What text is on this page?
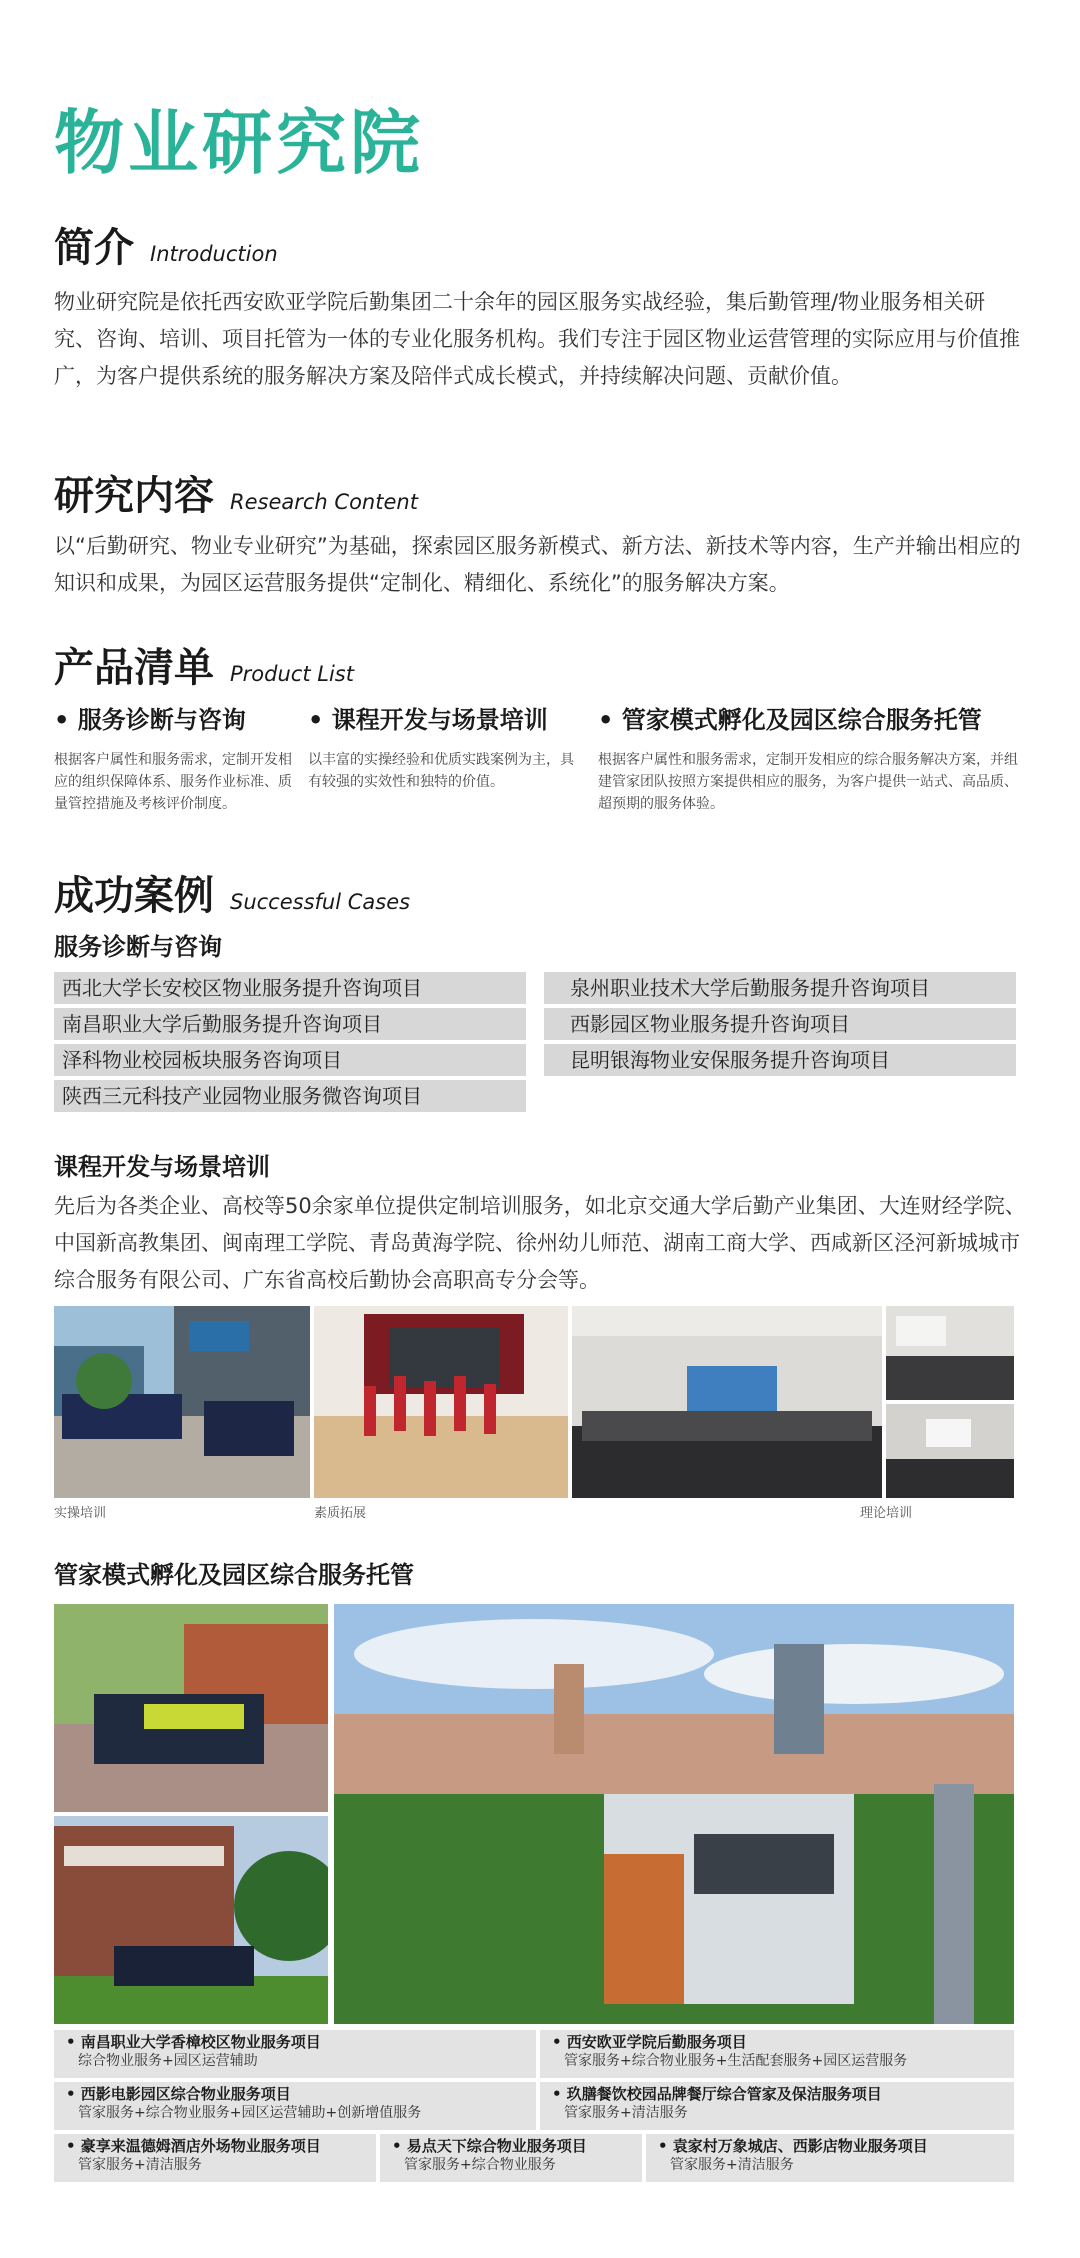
物业研究院
简介 Introduction

物业研究院是依托西安欧亚学院后勤集团二十余年的园区服务实战经验，集后勤管理/物业服务相关研究、咨询、培训、项目托管为一体的专业化服务机构。我们专注于园区物业运营管理的实际应用与价值推广，为客户提供系统的服务解决方案及陪伴式成长模式，并持续解决问题、贡献价值。

研究内容 Research Content

以“后勤研究、物业专业研究”为基础，探索园区服务新模式、新方法、新技术等内容，生产并输出相应的知识和成果，为园区运营服务提供“定制化、精细化、系统化”的服务解决方案。

产品清单 Product List
• 服务诊断与咨询
根据客户属性和服务需求，定制开发相应的组织保障体系、服务作业标准、质量管控措施及考核评价制度。
• 课程开发与场景培训
以丰富的实操经验和优质实践案例为主，具有较强的实效性和独特的价值。
• 管家模式孵化及园区综合服务托管
根据客户属性和服务需求，定制开发相应的综合服务解决方案，并组建管家团队按照方案提供相应的服务，为客户提供一站式、高品质、超预期的服务体验。
成功案例 Successful Cases
服务诊断与咨询
西北大学长安校区物业服务提升咨询项目
南昌职业大学后勤服务提升咨询项目
泽科物业校园板块服务咨询项目
陕西三元科技产业园物业服务微咨询项目
泉州职业技术大学后勤服务提升咨询项目
西影园区物业服务提升咨询项目
昆明银海物业安保服务提升咨询项目
课程开发与场景培训

先后为各类企业、高校等50余家单位提供定制培训服务，如北京交通大学后勤产业集团、大连财经学院、中国新高教集团、闽南理工学院、青岛黄海学院、徐州幼儿师范、湖南工商大学、西咸新区泾河新城城市综合服务有限公司、广东省高校后勤协会高职高专分会等。

实操培训	素质拓展	理论培训
管家模式孵化及园区综合服务托管
• 南昌职业大学香樟校区物业服务项目
综合物业服务+园区运营辅助
• 西安欧亚学院后勤服务项目
管家服务+综合物业服务+生活配套服务+园区运营服务
• 西影电影园区综合物业服务项目
管家服务+综合物业服务+园区运营辅助+创新增值服务
• 玖膳餐饮校园品牌餐厅综合管家及保洁服务项目
管家服务+清洁服务
• 豪享来温德姆酒店外场物业服务项目
管家服务+清洁服务
• 易点天下综合物业服务项目
管家服务+综合物业服务
• 袁家村万象城店、西影店物业服务项目
管家服务+清洁服务
